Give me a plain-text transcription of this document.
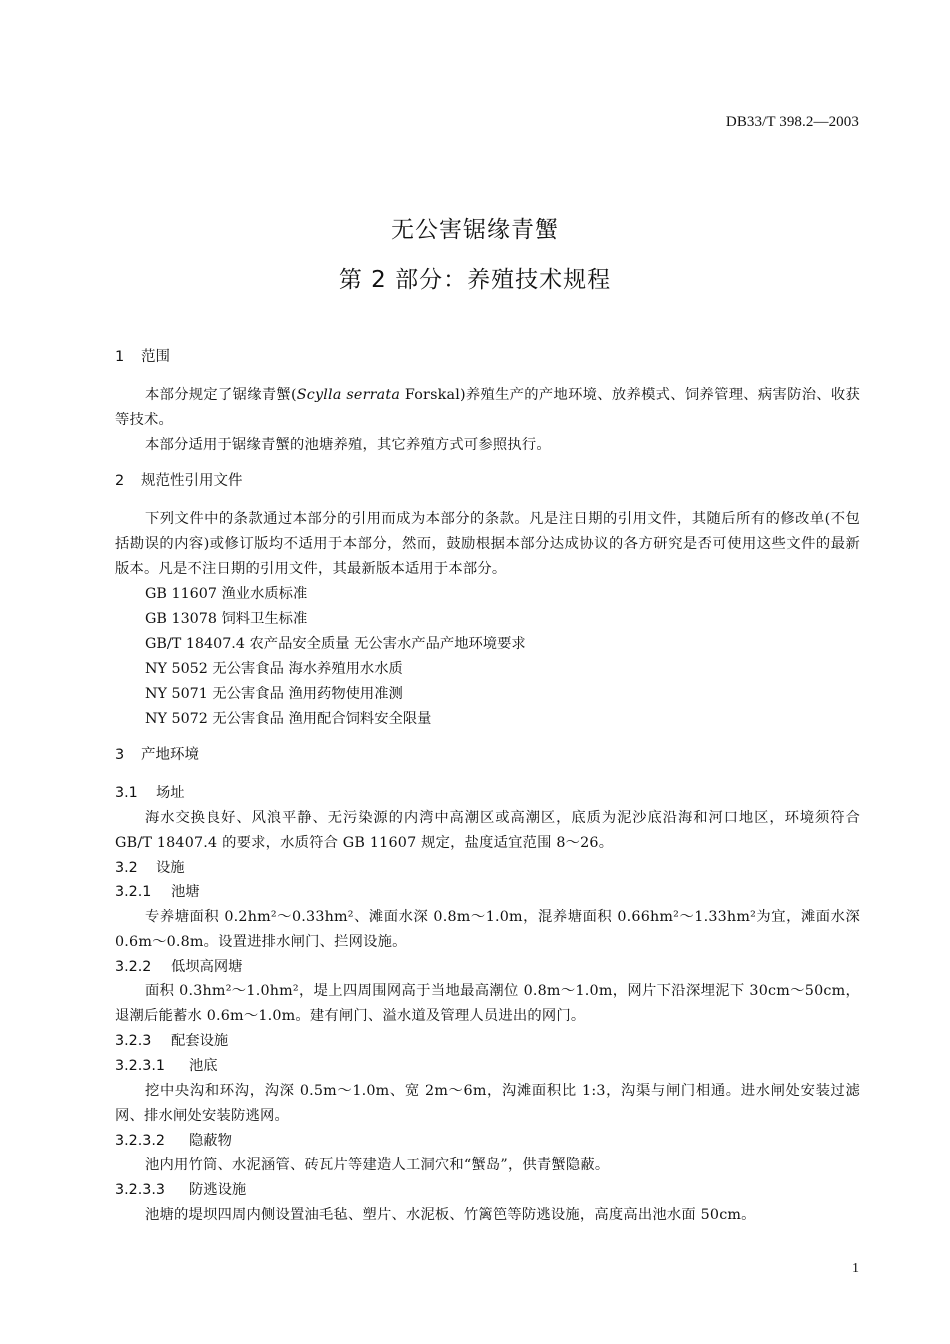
DB33/T 398.2—2003
无公害锯缘青蟹
第 2 部分：养殖技术规程
1 范围

本部分规定了锯缘青蟹(Scylla serrata Forskal)养殖生产的产地环境、放养模式、饲养管理、病害防治、收获等技术。

本部分适用于锯缘青蟹的池塘养殖，其它养殖方式可参照执行。

2 规范性引用文件

下列文件中的条款通过本部分的引用而成为本部分的条款。凡是注日期的引用文件，其随后所有的修改单(不包括勘误的内容)或修订版均不适用于本部分，然而，鼓励根据本部分达成协议的各方研究是否可使用这些文件的最新版本。凡是不注日期的引用文件，其最新版本适用于本部分。

GB 11607 渔业水质标准
GB 13078 饲料卫生标准
GB/T 18407.4 农产品安全质量 无公害水产品产地环境要求
NY 5052 无公害食品 海水养殖用水水质
NY 5071 无公害食品 渔用药物使用准测
NY 5072 无公害食品 渔用配合饲料安全限量
3 产地环境
3.1 场址

海水交换良好、风浪平静、无污染源的内湾中高潮区或高潮区，底质为泥沙底沿海和河口地区，环境须符合 GB/T 18407.4 的要求，水质符合 GB 11607 规定，盐度适宜范围 8～26。

3.2 设施
3.2.1 池塘

专养塘面积 0.2hm²～0.33hm²、滩面水深 0.8m～1.0m，混养塘面积 0.66hm²～1.33hm²为宜，滩面水深 0.6m～0.8m。设置进排水闸门、拦网设施。

3.2.2 低坝高网塘

面积 0.3hm²～1.0hm²，堤上四周围网高于当地最高潮位 0.8m～1.0m，网片下沿深埋泥下 30cm～50cm，退潮后能蓄水 0.6m～1.0m。建有闸门、溢水道及管理人员进出的网门。

3.2.3 配套设施
3.2.3.1 池底

挖中央沟和环沟，沟深 0.5m～1.0m、宽 2m～6m，沟滩面积比 1:3，沟渠与闸门相通。进水闸处安装过滤网、排水闸处安装防逃网。

3.2.3.2 隐蔽物

池内用竹筒、水泥涵管、砖瓦片等建造人工洞穴和“蟹岛”，供青蟹隐蔽。

3.2.3.3 防逃设施

池塘的堤坝四周内侧设置油毛毡、塑片、水泥板、竹篱笆等防逃设施，高度高出池水面 50cm。

1
